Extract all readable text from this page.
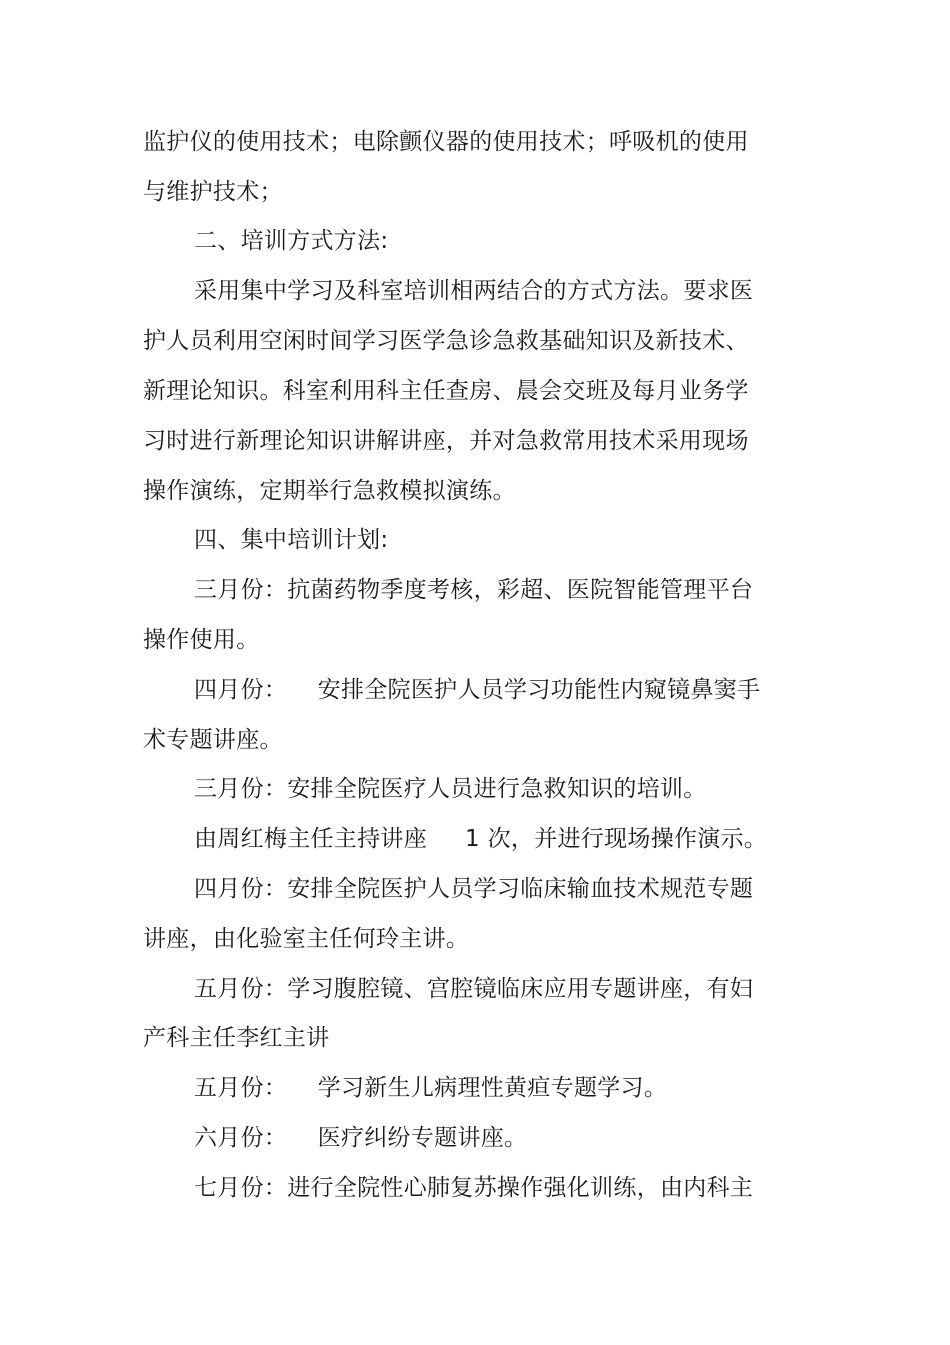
监护仪的使用技术；电除颤仪器的使用技术；呼吸机的使用
与维护技术；
二、培训方式方法:
采用集中学习及科室培训相两结合的方式方法。要求医
护人员利用空闲时间学习医学急诊急救基础知识及新技术、
新理论知识。科室利用科主任查房、晨会交班及每月业务学
习时进行新理论知识讲解讲座，并对急救常用技术采用现场
操作演练，定期举行急救模拟演练。
四、集中培训计划:
三月份：抗菌药物季度考核，彩超、医院智能管理平台
操作使用。
四月份：    安排全院医护人员学习功能性内窥镜鼻窦手
术专题讲座。
三月份：安排全院医疗人员进行急救知识的培训。
由周红梅主任主持讲座     1 次，并进行现场操作演示。
四月份：安排全院医护人员学习临床输血技术规范专题
讲座，由化验室主任何玲主讲。
五月份：学习腹腔镜、宫腔镜临床应用专题讲座，有妇
产科主任李红主讲
五月份：    学习新生儿病理性黄疸专题学习。
六月份：    医疗纠纷专题讲座。
七月份：进行全院性心肺复苏操作强化训练，由内科主
